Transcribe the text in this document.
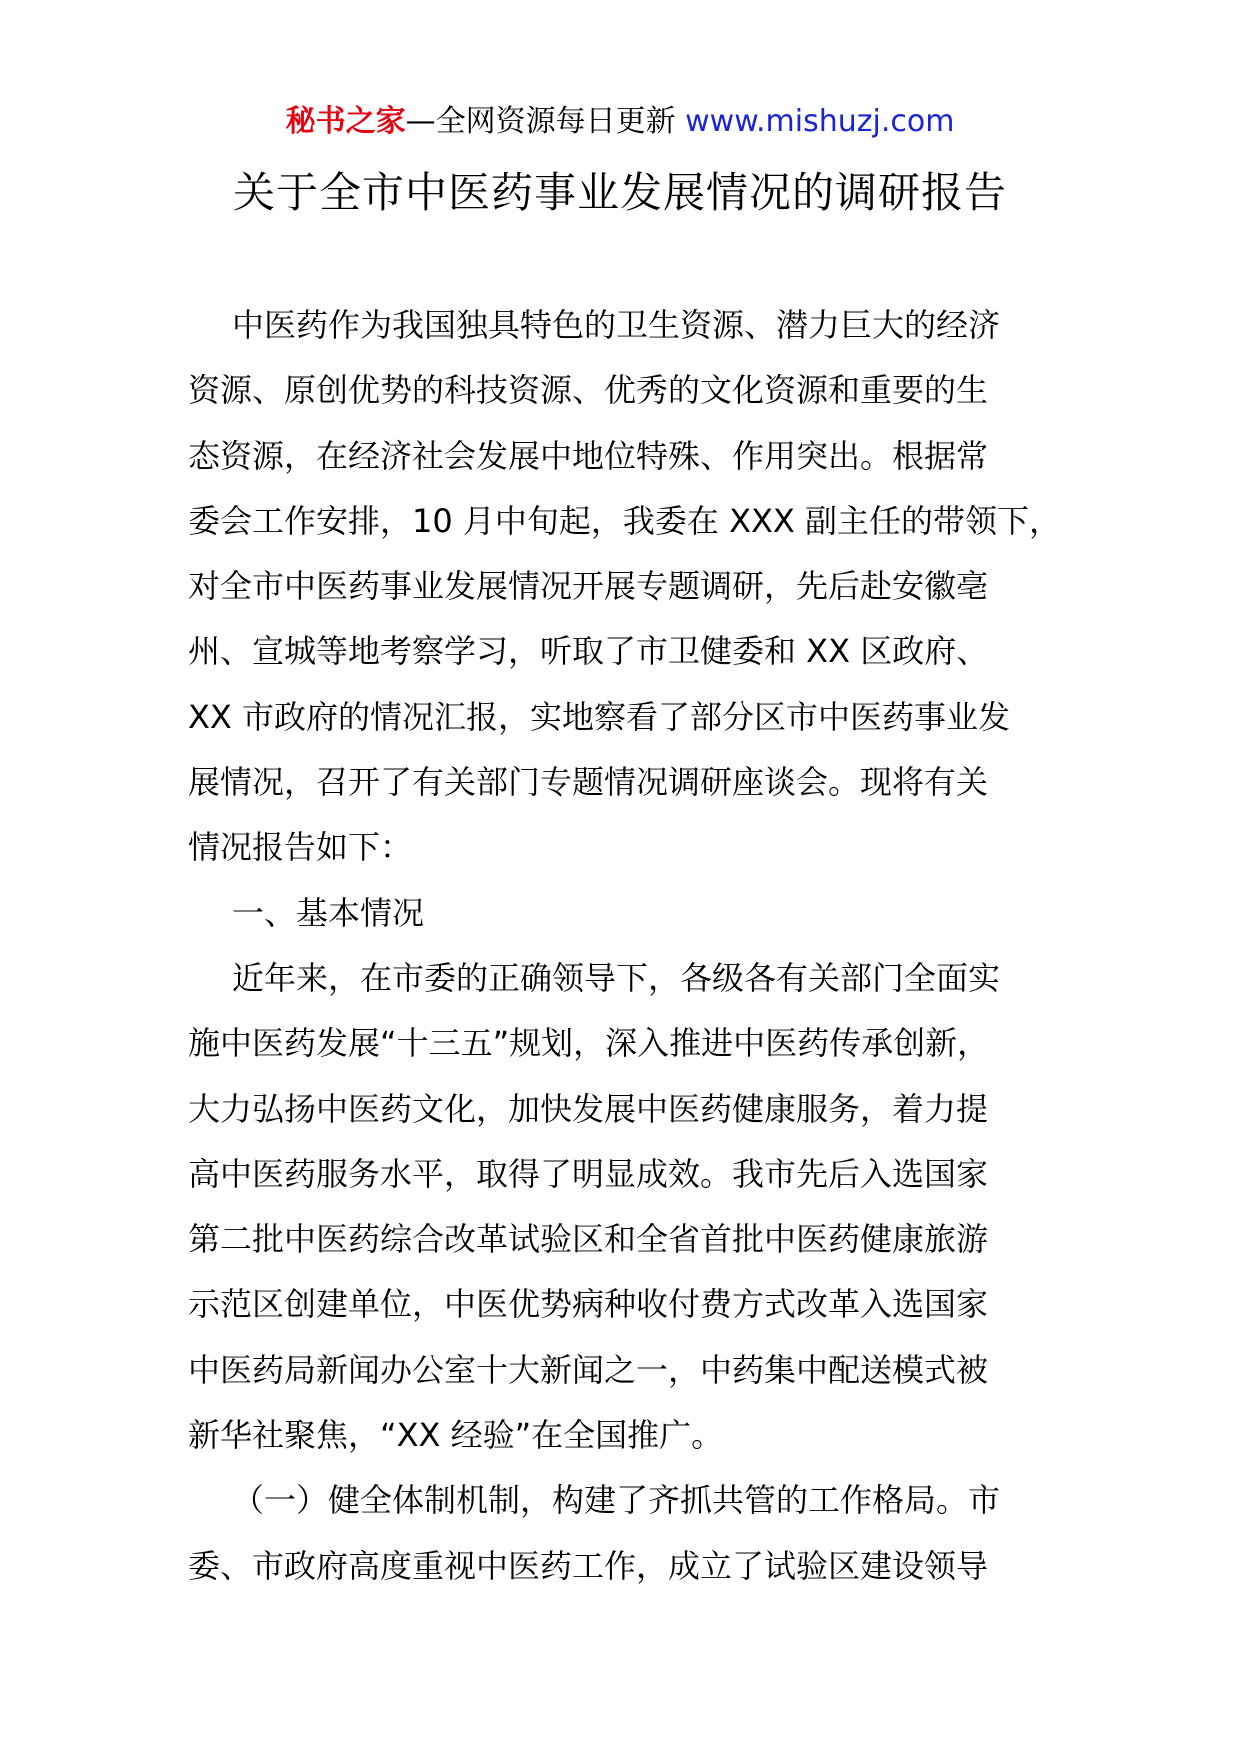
秘书之家—全网资源每日更新 www.mishuzj.com
关于全市中医药事业发展情况的调研报告
中医药作为我国独具特色的卫生资源、潜力巨大的经济
资源、原创优势的科技资源、优秀的文化资源和重要的生
态资源，在经济社会发展中地位特殊、作用突出。根据常
委会工作安排，10 月中旬起，我委在 XXX 副主任的带领下，
对全市中医药事业发展情况开展专题调研，先后赴安徽亳
州、宣城等地考察学习，听取了市卫健委和 XX 区政府、
XX 市政府的情况汇报，实地察看了部分区市中医药事业发
展情况，召开了有关部门专题情况调研座谈会。现将有关
情况报告如下：
一、基本情况
近年来，在市委的正确领导下，各级各有关部门全面实
施中医药发展“十三五”规划，深入推进中医药传承创新，
大力弘扬中医药文化，加快发展中医药健康服务，着力提
高中医药服务水平，取得了明显成效。我市先后入选国家
第二批中医药综合改革试验区和全省首批中医药健康旅游
示范区创建单位，中医优势病种收付费方式改革入选国家
中医药局新闻办公室十大新闻之一，中药集中配送模式被
新华社聚焦，“XX 经验”在全国推广。
（一）健全体制机制，构建了齐抓共管的工作格局。市
委、市政府高度重视中医药工作，成立了试验区建设领导
